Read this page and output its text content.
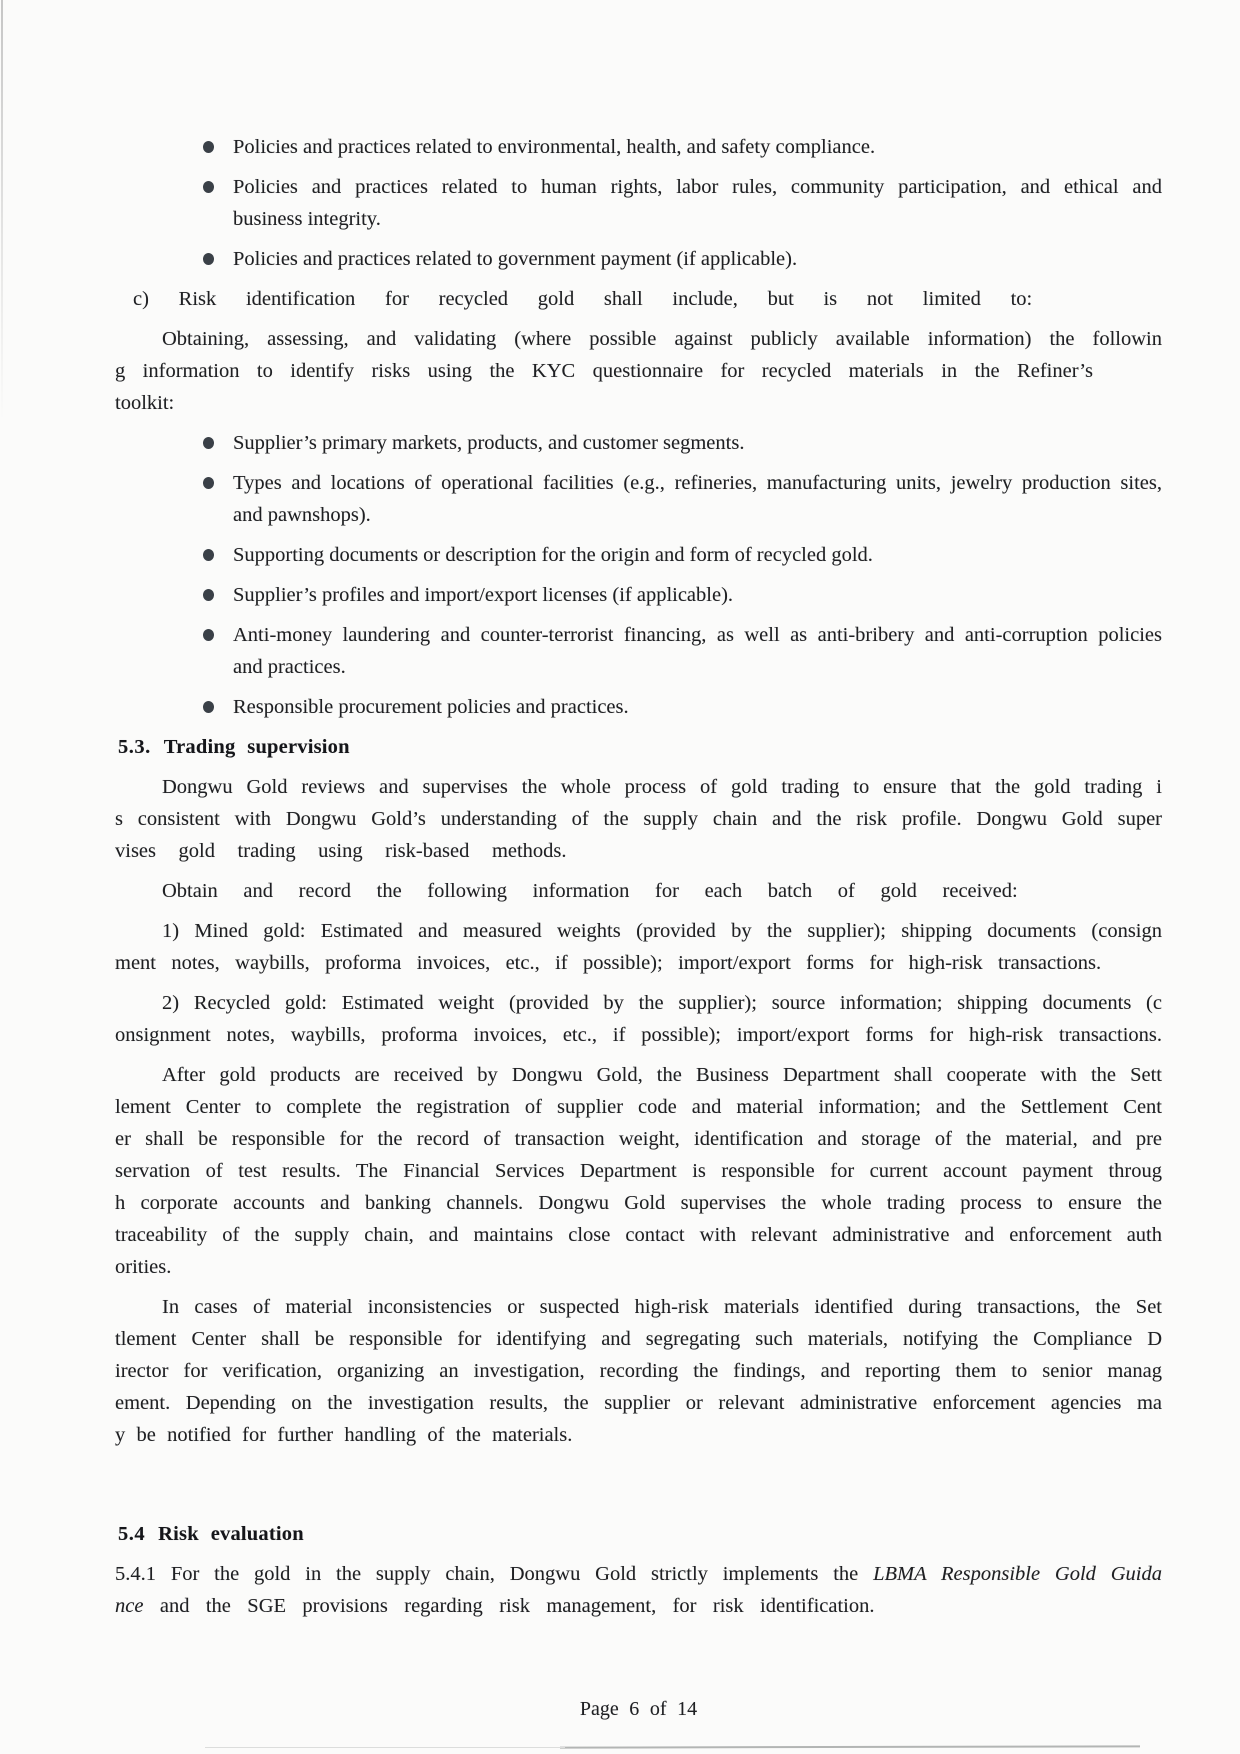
Policies and practices related to environmental, health, and safety compliance.
Policies and practices related to human rights, labor rules, community participation, and ethical and
business integrity.
Policies and practices related to government payment (if applicable).
c) Risk identification for recycled gold shall include, but is not limited to:
Obtaining, assessing, and validating (where possible against publicly available information) the followin
g information to identify risks using the KYC questionnaire for recycled materials in the Refiner’s toolkit:
Supplier’s primary markets, products, and customer segments.
Types and locations of operational facilities (e.g., refineries, manufacturing units, jewelry production sites,
and pawnshops).
Supporting documents or description for the origin and form of recycled gold.
Supplier’s profiles and import/export licenses (if applicable).
Anti-money laundering and counter-terrorist financing, as well as anti-bribery and anti-corruption policies
and practices.
Responsible procurement policies and practices.
5.3. Trading supervision
Dongwu Gold reviews and supervises the whole process of gold trading to ensure that the gold trading i
s consistent with Dongwu Gold’s understanding of the supply chain and the risk profile. Dongwu Gold super
vises gold trading using risk-based methods.
Obtain and record the following information for each batch of gold received:
1) Mined gold: Estimated and measured weights (provided by the supplier); shipping documents (consign
ment notes, waybills, proforma invoices, etc., if possible); import/export forms for high-risk transactions.
2) Recycled gold: Estimated weight (provided by the supplier); source information; shipping documents (c
onsignment notes, waybills, proforma invoices, etc., if possible); import/export forms for high-risk transactions.
After gold products are received by Dongwu Gold, the Business Department shall cooperate with the Sett
lement Center to complete the registration of supplier code and material information; and the Settlement Cent
er shall be responsible for the record of transaction weight, identification and storage of the material, and pre
servation of test results. The Financial Services Department is responsible for current account payment throug
h corporate accounts and banking channels. Dongwu Gold supervises the whole trading process to ensure the
traceability of the supply chain, and maintains close contact with relevant administrative and enforcement auth
orities.
In cases of material inconsistencies or suspected high-risk materials identified during transactions, the Set
tlement Center shall be responsible for identifying and segregating such materials, notifying the Compliance D
irector for verification, organizing an investigation, recording the findings, and reporting them to senior manag
ement. Depending on the investigation results, the supplier or relevant administrative enforcement agencies ma
y be notified for further handling of the materials.
5.4 Risk evaluation
5.4.1 For the gold in the supply chain, Dongwu Gold strictly implements the LBMA Responsible Gold Guida
nce and the SGE provisions regarding risk management, for risk identification.
Page 6 of 14
